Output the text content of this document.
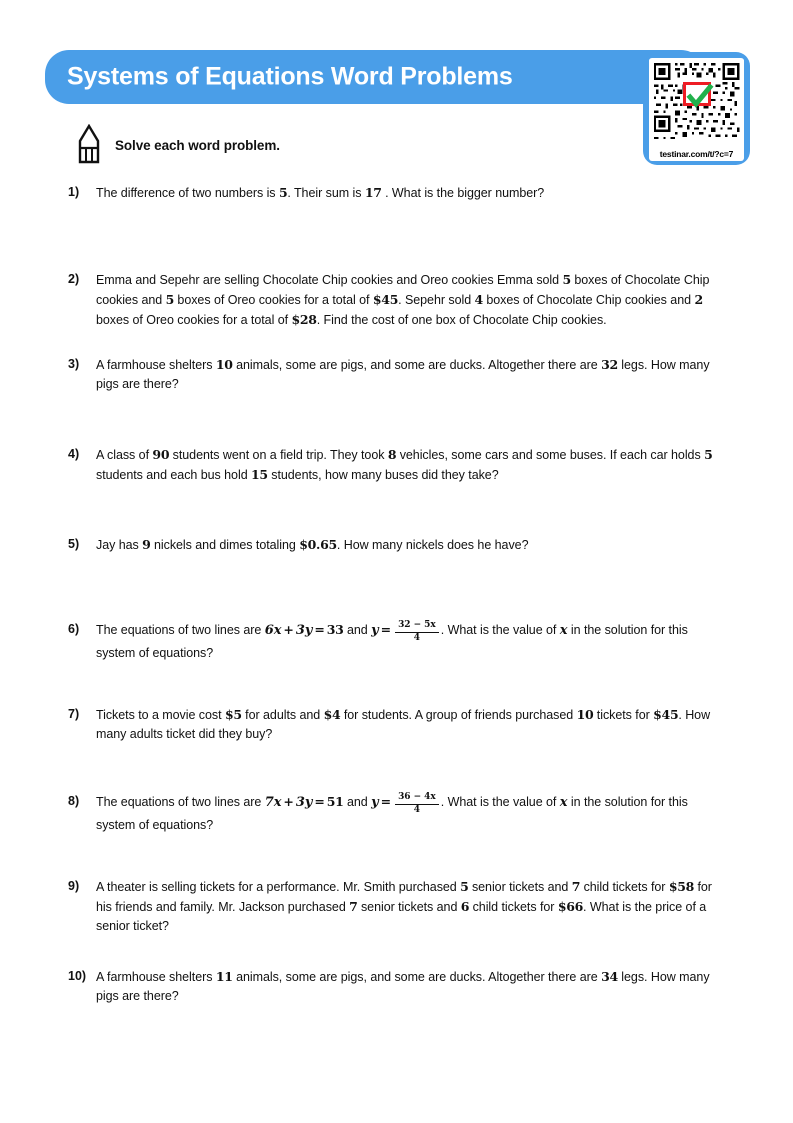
Systems of Equations Word Problems
testinar.com/t/?c=7
Solve each word problem.
1)	The difference of two numbers is 5. Their sum is 17 . What is the bigger number?
2)	Emma and Sepehr are selling Chocolate Chip cookies and Oreo cookies Emma sold 5 boxes of Chocolate Chip cookies and 5 boxes of Oreo cookies for a total of $45. Sepehr sold 4 boxes of Chocolate Chip cookies and 2 boxes of Oreo cookies for a total of $28. Find the cost of one box of Chocolate Chip cookies.
3)	A farmhouse shelters 10 animals, some are pigs, and some are ducks. Altogether there are 32 legs. How many pigs are there?
4)	A class of 90 students went on a field trip. They took 8 vehicles, some cars and some buses. If each car holds 5 students and each bus hold 15 students, how many buses did they take?
5)	Jay has 9 nickels and dimes totaling $0.65. How many nickels does he have?
6)	The equations of two lines are 6x + 3y = 33 and $y = \frac{32 - 5x}{4}$ . What is the value of x in the solution for this system of equations?
7)	Tickets to a movie cost $5 for adults and $4 for students. A group of friends purchased 10 tickets for $45. How many adults ticket did they buy?
8)	The equations of two lines are 7x + 3y = 51 and $y = \frac{36 - 4x}{4}$ . What is the value of x in the solution for this system of equations?
9)	A theater is selling tickets for a performance. Mr. Smith purchased 5 senior tickets and 7 child tickets for $58 for his friends and family. Mr. Jackson purchased 7 senior tickets and 6 child tickets for $66. What is the price of a senior ticket?
10) A farmhouse shelters 11 animals, some are pigs, and some are ducks. Altogether there are 34 legs. How many pigs are there?
